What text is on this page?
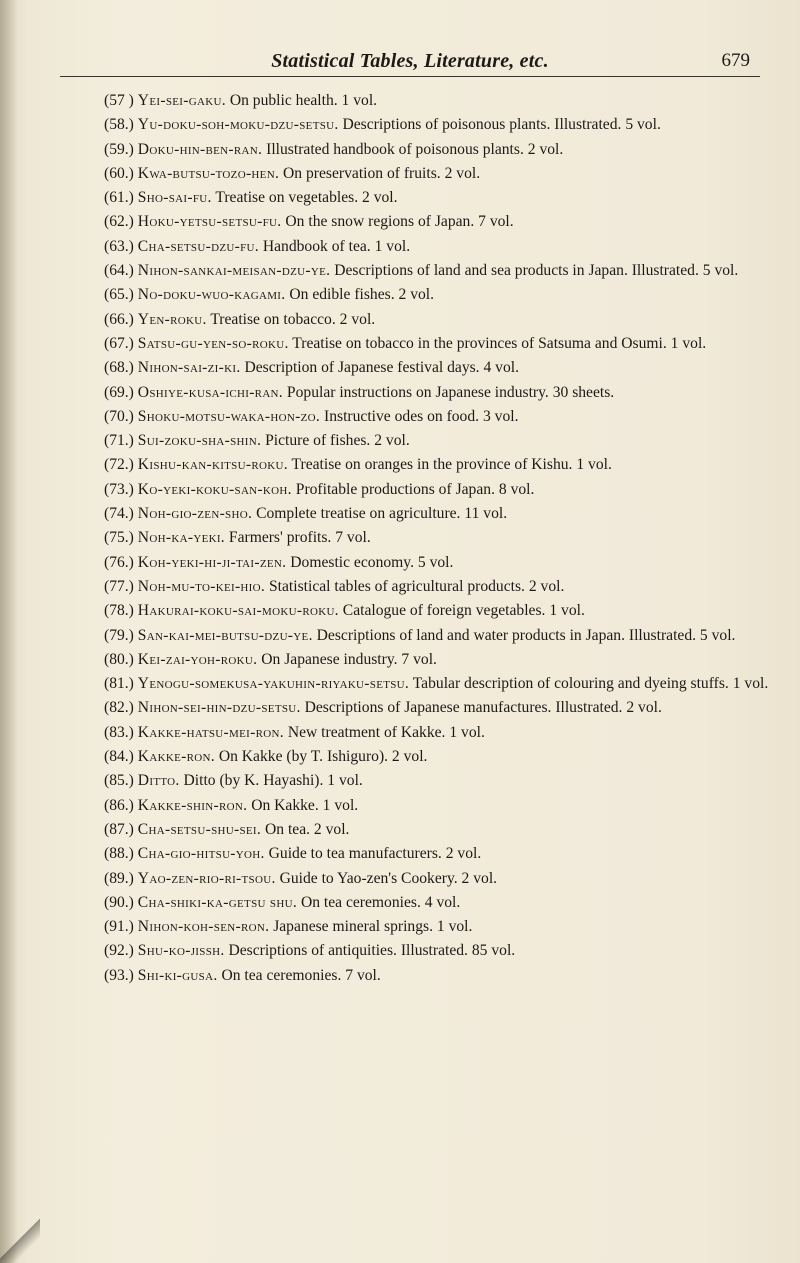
Statistical Tables, Literature, etc.	679

(57 ) Yei-sei-gaku. On public health. 1 vol.

(58.) Yu-doku-soh-moku-dzu-setsu. Descriptions of poisonous plants. Illustrated. 5 vol.

(59.) Doku-hin-ben-ran. Illustrated handbook of poisonous plants. 2 vol.

(60.) Kwa-butsu-tozo-hen. On preservation of fruits. 2 vol.

(61.) Sho-sai-fu. Treatise on vegetables. 2 vol.

(62.) Hoku-yetsu-setsu-fu. On the snow regions of Japan. 7 vol.

(63.) Cha-setsu-dzu-fu. Handbook of tea. 1 vol.

(64.) Nihon-sankai-meisan-dzu-ye. Descriptions of land and sea products in Japan. Illustrated. 5 vol.

(65.) No-doku-wuo-kagami. On edible fishes. 2 vol.

(66.) Yen-roku. Treatise on tobacco. 2 vol.

(67.) Satsu-gu-yen-so-roku. Treatise on tobacco in the provinces of Satsuma and Osumi. 1 vol.

(68.) Nihon-sai-zi-ki. Description of Japanese festival days. 4 vol.

(69.) Oshiye-kusa-ichi-ran. Popular instructions on Japanese industry. 30 sheets.

(70.) Shoku-motsu-waka-hon-zo. Instructive odes on food. 3 vol.

(71.) Sui-zoku-sha-shin. Picture of fishes. 2 vol.

(72.) Kishu-kan-kitsu-roku. Treatise on oranges in the province of Kishu. 1 vol.

(73.) Ko-yeki-koku-san-koh. Profitable productions of Japan. 8 vol.

(74.) Noh-gio-zen-sho. Complete treatise on agriculture. 11 vol.

(75.) Noh-ka-yeki. Farmers' profits. 7 vol.

(76.) Koh-yeki-hi-ji-tai-zen. Domestic economy. 5 vol.

(77.) Noh-mu-to-kei-hio. Statistical tables of agricultural products. 2 vol.

(78.) Hakurai-koku-sai-moku-roku. Catalogue of foreign vegetables. 1 vol.

(79.) San-kai-mei-butsu-dzu-ye. Descriptions of land and water products in Japan. Illustrated. 5 vol.

(80.) Kei-zai-yoh-roku. On Japanese industry. 7 vol.

(81.) Yenogu-somekusa-yakuhin-riyaku-setsu. Tabular description of colouring and dyeing stuffs. 1 vol.

(82.) Nihon-sei-hin-dzu-setsu. Descriptions of Japanese manufactures. Illustrated. 2 vol.

(83.) Kakke-hatsu-mei-ron. New treatment of Kakke. 1 vol.

(84.) Kakke-ron. On Kakke (by T. Ishiguro). 2 vol.

(85.) Ditto. Ditto (by K. Hayashi). 1 vol.

(86.) Kakke-shin-ron. On Kakke. 1 vol.

(87.) Cha-setsu-shu-sei. On tea. 2 vol.

(88.) Cha-gio-hitsu-yoh. Guide to tea manufacturers. 2 vol.

(89.) Yao-zen-rio-ri-tsou. Guide to Yao-zen's Cookery. 2 vol.

(90.) Cha-shiki-ka-getsu shu. On tea ceremonies. 4 vol.

(91.) Nihon-koh-sen-ron. Japanese mineral springs. 1 vol.

(92.) Shu-ko-jissh. Descriptions of antiquities. Illustrated. 85 vol.

(93.) Shi-ki-gusa. On tea ceremonies. 7 vol.
